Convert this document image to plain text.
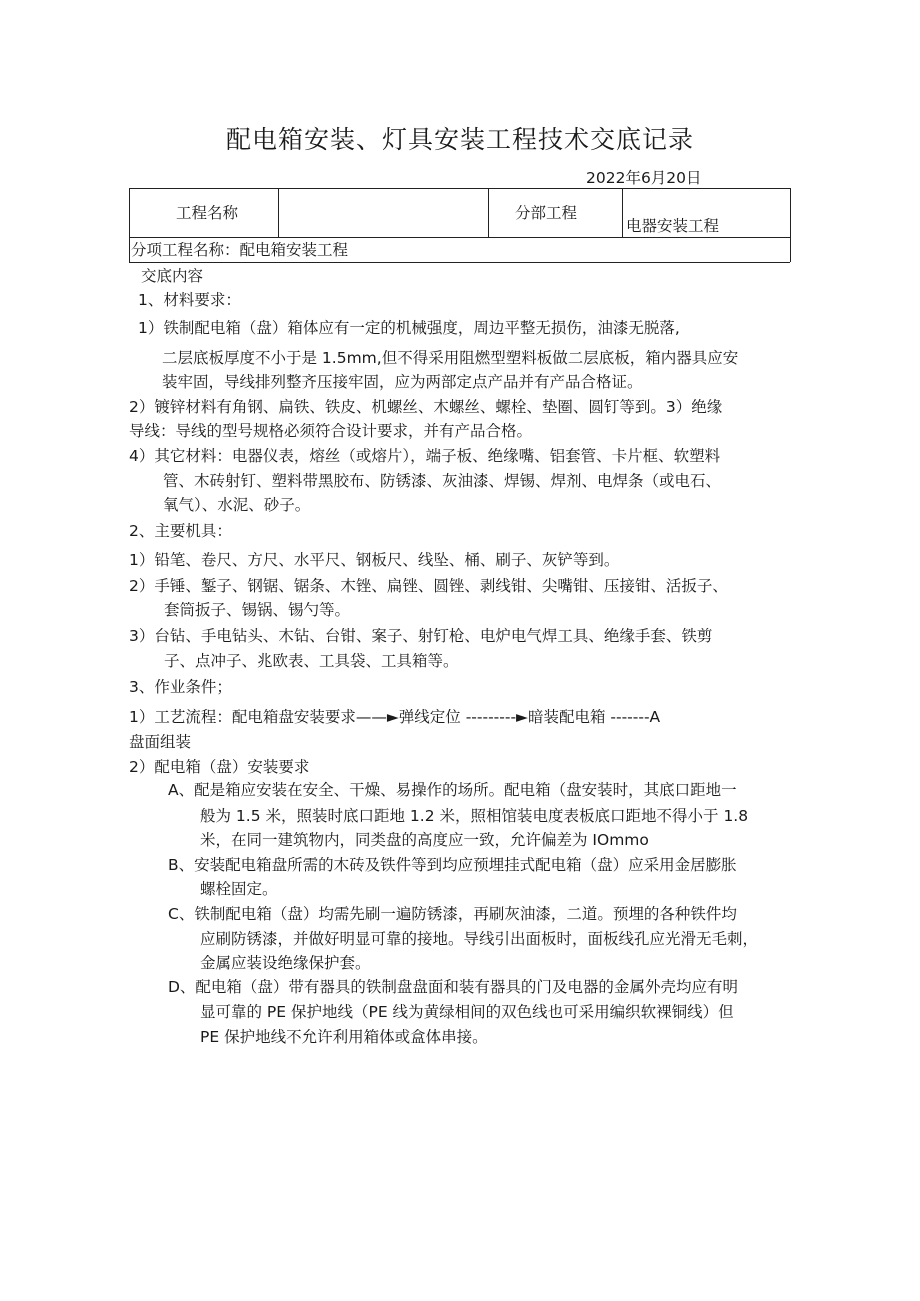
配电箱安装、灯具安装工程技术交底记录
2022年6月20日
工程名称	分部工程
电器安装工程
分项工程名称：配电箱安装工程
交底内容
1、材料要求：
1）铁制配电箱（盘）箱体应有一定的机械强度，周边平整无损伤，油漆无脱落,
二层底板厚度不小于是 1.5mm,但不得采用阻燃型塑料板做二层底板，箱内器具应安
装牢固，导线排列整齐压接牢固，应为两部定点产品并有产品合格证。
2）镀锌材料有角钢、扁铁、铁皮、机螺丝、木螺丝、螺栓、垫圈、圆钉等到。3）绝缘
导线：导线的型号规格必须符合设计要求，并有产品合格。
4）其它材料：电器仪表，熔丝（或熔片），端子板、绝缘嘴、铝套管、卡片框、软塑料
管、木砖射钉、塑料带黑胶布、防锈漆、灰油漆、焊锡、焊剂、电焊条（或电石、
氧气）、水泥、砂子。
2、主要机具：
1）铅笔、卷尺、方尺、水平尺、钢板尺、线坠、桶、刷子、灰铲等到。
2）手锤、錾子、钢锯、锯条、木锉、扁锉、圆锉、剥线钳、尖嘴钳、压接钳、活扳子、
套筒扳子、锡锅、锡勺等。
3）台钻、手电钻头、木钻、台钳、案子、射钉枪、电炉电气焊工具、绝缘手套、铁剪
子、点冲子、兆欧表、工具袋、工具箱等。
3、作业条件；
1）工艺流程：配电箱盘安装要求——►弹线定位 ---------►暗装配电箱 -------A
盘面组装
2）配电箱（盘）安装要求
A、配是箱应安装在安全、干燥、易操作的场所。配电箱（盘安装时，其底口距地一
般为 1.5 米，照装时底口距地 1.2 米，照相馆装电度表板底口距地不得小于 1.8
米，在同一建筑物内，同类盘的高度应一致，允许偏差为 IOmmo
B、安装配电箱盘所需的木砖及铁件等到均应预埋挂式配电箱（盘）应采用金居膨胀
螺栓固定。
C、铁制配电箱（盘）均需先刷一遍防锈漆，再刷灰油漆，二道。预埋的各种铁件均
应刷防锈漆，并做好明显可靠的接地。导线引出面板时，面板线孔应光滑无毛刺，
金属应装设绝缘保护套。
D、配电箱（盘）带有器具的铁制盘盘面和装有器具的门及电器的金属外壳均应有明
显可靠的 PE 保护地线（PE 线为黄绿相间的双色线也可采用编织软裸铜线）但
PE 保护地线不允许利用箱体或盒体串接。
